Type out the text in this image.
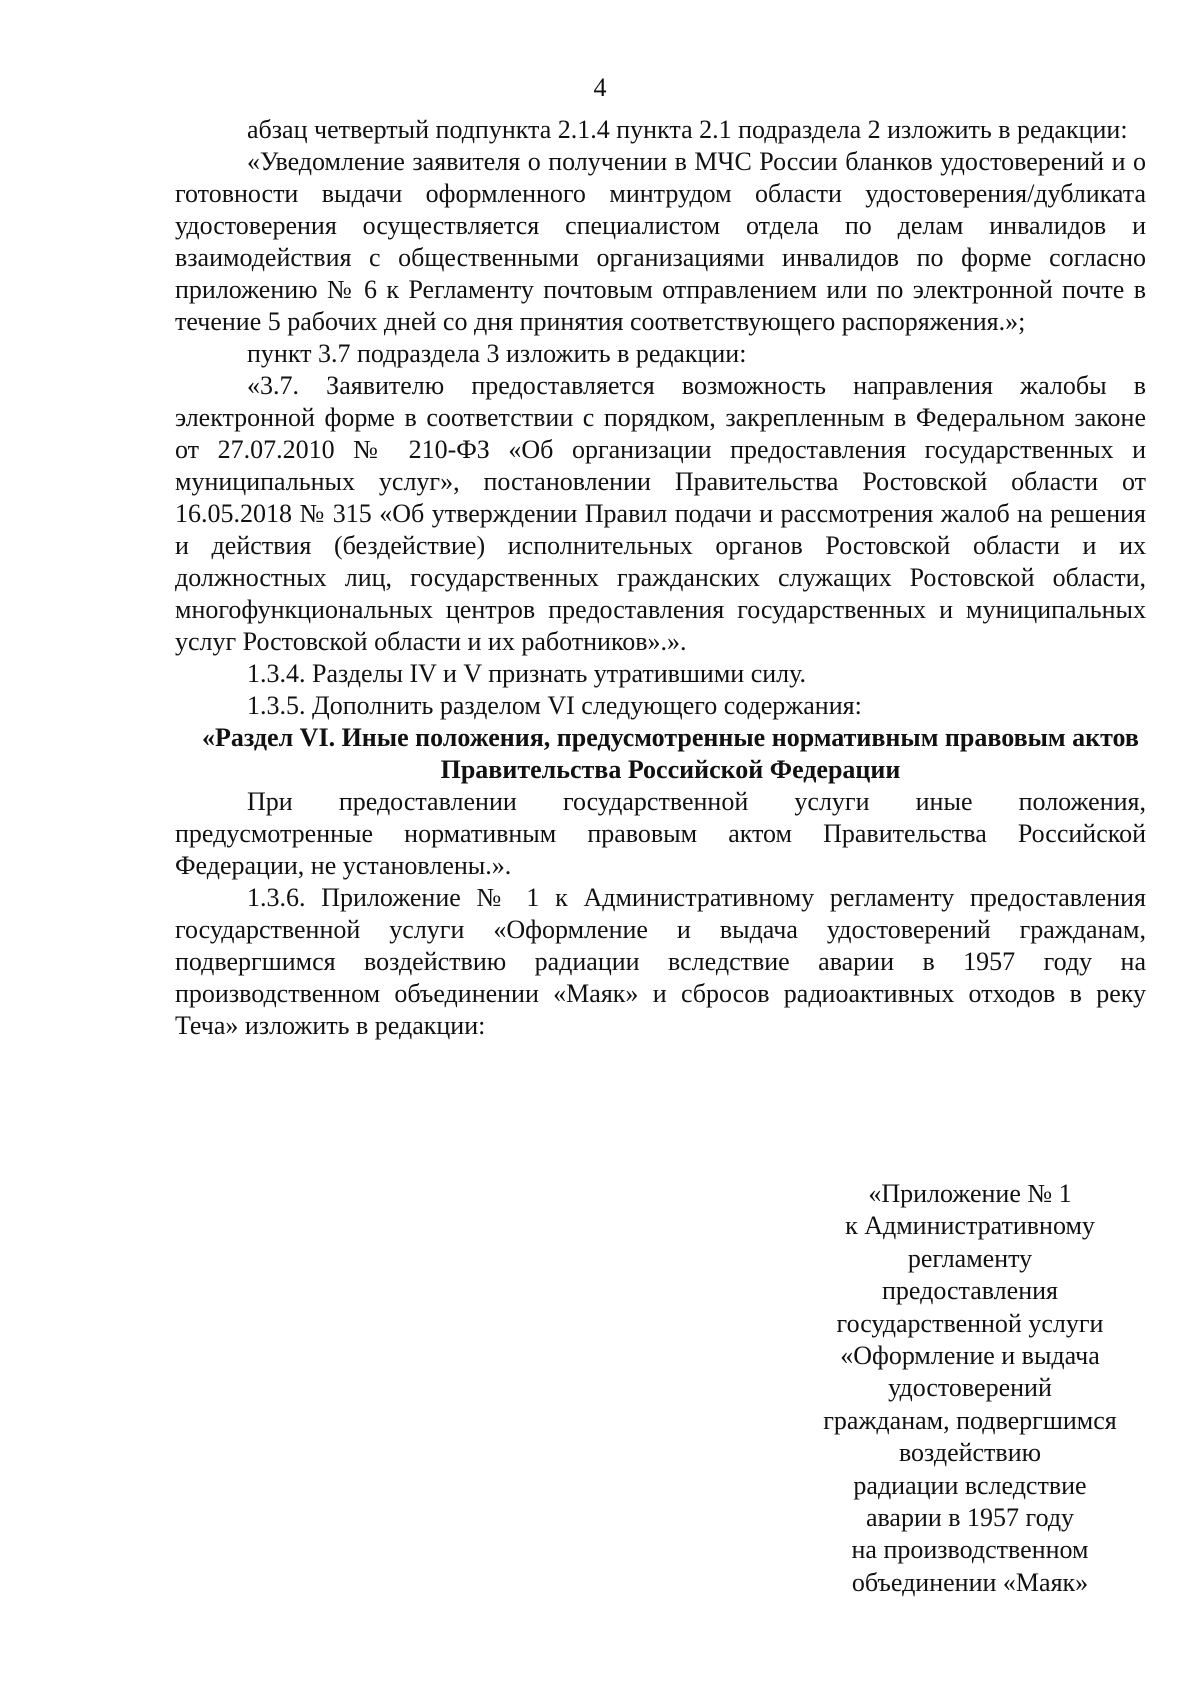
4

абзац четвертый подпункта 2.1.4 пункта 2.1 подраздела 2 изложить в редакции:

«Уведомление заявителя о получении в МЧС России бланков удостоверений и о готовности выдачи оформленного минтрудом области удостоверения/дубликата удостоверения осуществляется специалистом отдела по делам инвалидов и взаимодействия с общественными организациями инвалидов по форме согласно приложению № 6 к Регламенту почтовым отправлением или по электронной почте в течение 5 рабочих дней со дня принятия соответствующего распоряжения.»;

пункт 3.7 подраздела 3 изложить в редакции:

«3.7. Заявителю предоставляется возможность направления жалобы в электронной форме в соответствии с порядком, закрепленным в Федеральном законе от 27.07.2010 № 210-ФЗ «Об организации предоставления государственных и муниципальных услуг», постановлении Правительства Ростовской области от 16.05.2018 № 315 «Об утверждении Правил подачи и рассмотрения жалоб на решения и действия (бездействие) исполнительных органов Ростовской области и их должностных лиц, государственных гражданских служащих Ростовской области, многофункциональных центров предоставления государственных и муниципальных услуг Ростовской области и их работников».».

1.3.4. Разделы IV и V признать утратившими силу.

1.3.5. Дополнить разделом VI следующего содержания:

«Раздел VI. Иные положения, предусмотренные нормативным правовым актов Правительства Российской Федерации

При предоставлении государственной услуги иные положения, предусмотренные нормативным правовым актом Правительства Российской Федерации, не установлены.».

1.3.6. Приложение № 1 к Административному регламенту предоставления государственной услуги «Оформление и выдача удостоверений гражданам, подвергшимся воздействию радиации вследствие аварии в 1957 году на производственном объединении «Маяк» и сбросов радиоактивных отходов в реку Теча» изложить в редакции:

«Приложение № 1
к Административному
регламенту
предоставления
государственной услуги
«Оформление и выдача
удостоверений
гражданам, подвергшимся
воздействию
радиации вследствие
аварии в 1957 году
на производственном
объединении «Маяк»
